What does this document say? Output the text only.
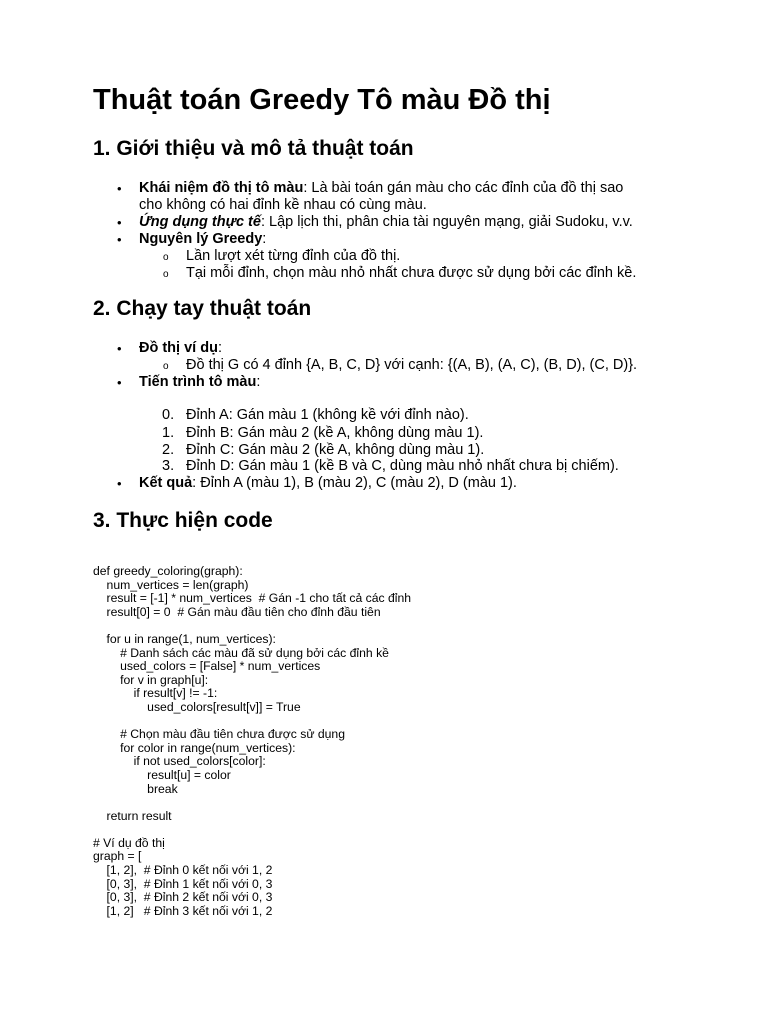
Thuật toán Greedy Tô màu Đồ thị
1. Giới thiệu và mô tả thuật toán
• Khái niệm đồ thị tô màu: Là bài toán gán màu cho các đỉnh của đồ thị sao
cho không có hai đỉnh kề nhau có cùng màu.
• Ứng dụng thực tế: Lập lịch thi, phân chia tài nguyên mạng, giải Sudoku, v.v.
• Nguyên lý Greedy:
o Lần lượt xét từng đỉnh của đồ thị.
o Tại mỗi đỉnh, chọn màu nhỏ nhất chưa được sử dụng bởi các đỉnh kề.
2. Chạy tay thuật toán
• Đồ thị ví dụ:
o Đồ thị G có 4 đỉnh {A, B, C, D} với cạnh: {(A, B), (A, C), (B, D), (C, D)}.
• Tiến trình tô màu:
0. Đỉnh A: Gán màu 1 (không kề với đỉnh nào).
1. Đỉnh B: Gán màu 2 (kề A, không dùng màu 1).
2. Đỉnh C: Gán màu 2 (kề A, không dùng màu 1).
3. Đỉnh D: Gán màu 1 (kề B và C, dùng màu nhỏ nhất chưa bị chiếm).
• Kết quả: Đỉnh A (màu 1), B (màu 2), C (màu 2), D (màu 1).
3. Thực hiện code
def greedy_coloring(graph):
num_vertices = len(graph)
result = [-1] * num_vertices  # Gán -1 cho tất cả các đỉnh
result[0] = 0  # Gán màu đầu tiên cho đỉnh đầu tiên

for u in range(1, num_vertices):
# Danh sách các màu đã sử dụng bởi các đỉnh kề
used_colors = [False] * num_vertices
for v in graph[u]:
if result[v] != -1:
used_colors[result[v]] = True

# Chọn màu đầu tiên chưa được sử dụng
for color in range(num_vertices):
if not used_colors[color]:
result[u] = color
break

return result

# Ví dụ đồ thị
graph = [
[1, 2],  # Đỉnh 0 kết nối với 1, 2
[0, 3],  # Đỉnh 1 kết nối với 0, 3
[0, 3],  # Đỉnh 2 kết nối với 0, 3
[1, 2]   # Đỉnh 3 kết nối với 1, 2
